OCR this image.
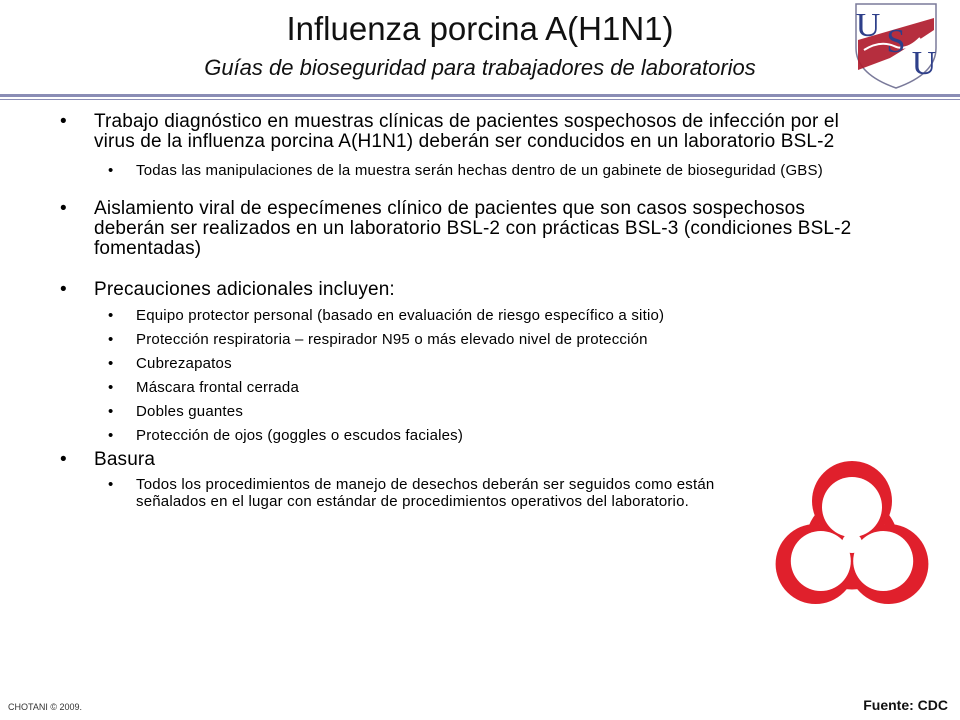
Influenza porcina A(H1N1)
Guías de bioseguridad para trabajadores de laboratorios
U S
U
• Trabajo diagnóstico en muestras clínicas de pacientes sospechosos de infección por el virus de la influenza porcina A(H1N1) deberán ser conducidos en un laboratorio BSL-2
• Todas las manipulaciones de la muestra serán hechas dentro de un gabinete de bioseguridad (GBS)
• Aislamiento viral de especímenes clínico de pacientes que son casos sospechosos deberán ser realizados en un laboratorio BSL-2 con prácticas BSL-3 (condiciones BSL-2 fomentadas)
• Precauciones adicionales incluyen:
• Equipo protector personal (basado en evaluación de riesgo específico a sitio)
• Protección respiratoria – respirador N95 o más elevado nivel de protección
• Cubrezapatos
• Máscara frontal cerrada
• Dobles guantes
• Protección de ojos (goggles o escudos faciales)
• Basura
• Todos los procedimientos de manejo de desechos deberán ser seguidos como están señalados en el lugar con estándar de procedimientos operativos del laboratorio.
CHOTANI © 2009.	Fuente: CDC
